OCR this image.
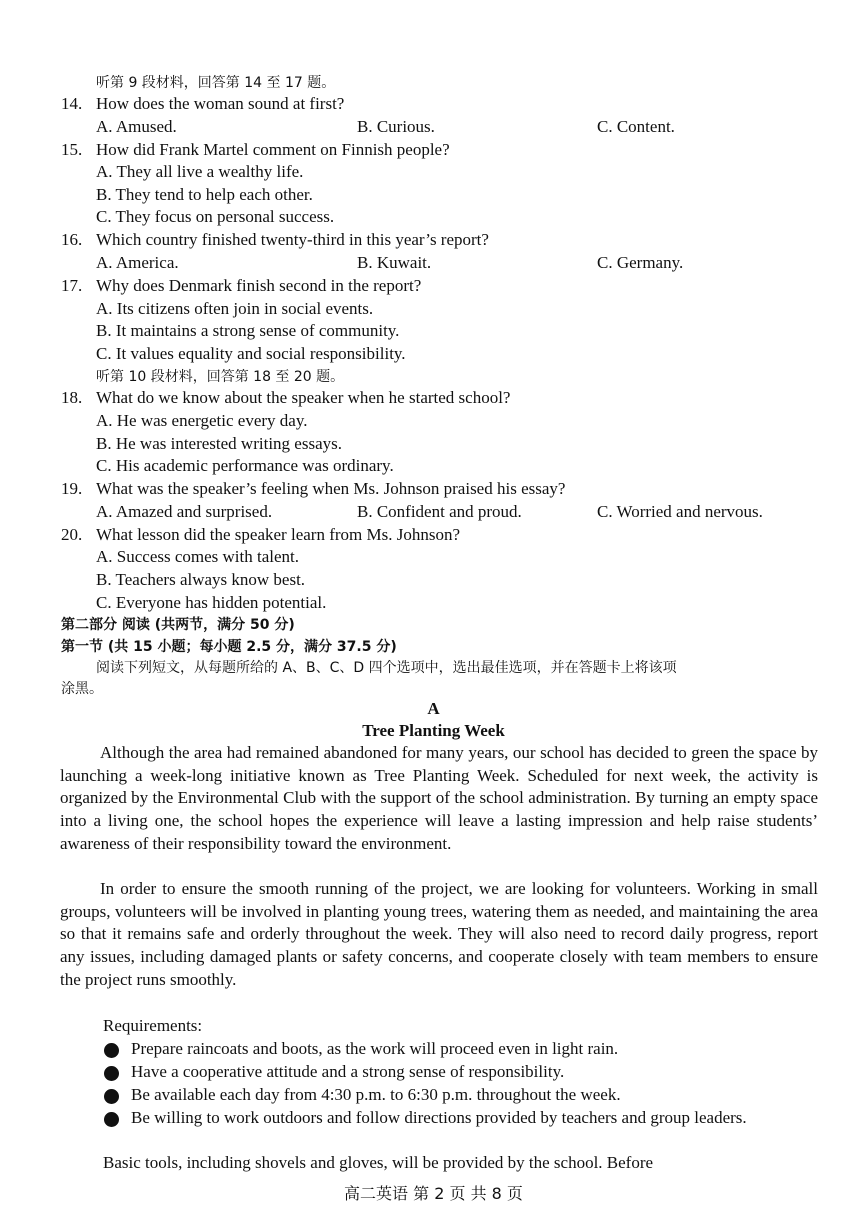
听第 9 段材料，回答第 14 至 17 题。
14. How does the woman sound at first?
A. Amused.	B. Curious.	C. Content.
15. How did Frank Martel comment on Finnish people?
A. They all live a wealthy life.
B. They tend to help each other.
C. They focus on personal success.
16. Which country finished twenty-third in this year’s report?
A. America.	B. Kuwait.	C. Germany.
17. Why does Denmark finish second in the report?
A. Its citizens often join in social events.
B. It maintains a strong sense of community.
C. It values equality and social responsibility.
听第 10 段材料，回答第 18 至 20 题。
18. What do we know about the speaker when he started school?
A. He was energetic every day.
B. He was interested writing essays.
C. His academic performance was ordinary.
19. What was the speaker’s feeling when Ms. Johnson praised his essay?
A. Amazed and surprised.	B. Confident and proud.	C. Worried and nervous.
20. What lesson did the speaker learn from Ms. Johnson?
A. Success comes with talent.
B. Teachers always know best.
C. Everyone has hidden potential.
第二部分 阅读 (共两节，满分 50 分)
第一节 (共 15 小题；每小题 2.5 分，满分 37.5 分)
阅读下列短文，从每题所给的 A、B、C、D 四个选项中，选出最佳选项，并在答题卡上将该项
涂黑。
A
Tree Planting Week
Although the area had remained abandoned for many years, our school has decided to green the space by launching a week-long initiative known as Tree Planting Week. Scheduled for next week, the activity is organized by the Environmental Club with the support of the school administration. By turning an empty space into a living one, the school hopes the experience will leave a lasting impression and help raise students’ awareness of their responsibility toward the environment.
In order to ensure the smooth running of the project, we are looking for volunteers. Working in small groups, volunteers will be involved in planting young trees, watering them as needed, and maintaining the area so that it remains safe and orderly throughout the week. They will also need to record daily progress, report any issues, including damaged plants or safety concerns, and cooperate closely with team members to ensure the project runs smoothly.
Requirements:
Prepare raincoats and boots, as the work will proceed even in light rain.
Have a cooperative attitude and a strong sense of responsibility.
Be available each day from 4:30 p.m. to 6:30 p.m. throughout the week.
Be willing to work outdoors and follow directions provided by teachers and group leaders.
Basic tools, including shovels and gloves, will be provided by the school. Before
高二英语 第 2 页 共 8 页
